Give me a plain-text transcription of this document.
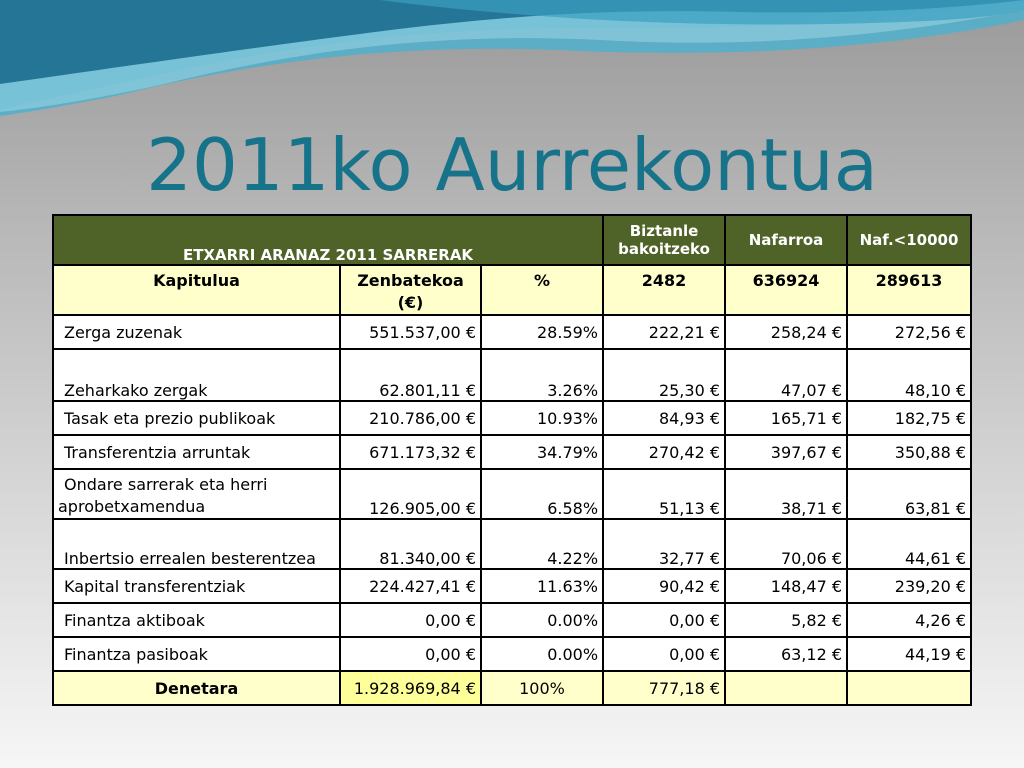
2011ko Aurrekontua
ETXARRI ARANAZ 2011 SARRERAK			Biztanle
bakoitzeko	Nafarroa	Naf.<10000
Kapitulua	Zenbatekoa (€)	%	2482	636924	289613
Zerga zuzenak	551.537,00 €	28.59%	222,21 €	258,24 €	272,56 €
Zeharkako zergak	62.801,11 €	3.26%	25,30 €	47,07 €	48,10 €
Tasak eta prezio publikoak	210.786,00 €	10.93%	84,93 €	165,71 €	182,75 €
Transferentzia arruntak	671.173,32 €	34.79%	270,42 €	397,67 €	350,88 €

Ondare sarrerak eta herri
aprobetxamendua	126.905,00 €	6.58%	51,13 €	38,71 €	63,81 €
Inbertsio errealen besterentzea	81.340,00 €	4.22%	32,77 €	70,06 €	44,61 €
Kapital transferentziak	224.427,41 €	11.63%	90,42 €	148,47 €	239,20 €
Finantza aktiboak	0,00 €	0.00%	0,00 €	5,82 €	4,26 €
Finantza pasiboak	0,00 €	0.00%	0,00 €	63,12 €	44,19 €
Denetara	1.928.969,84 €	100%	777,18 €		
